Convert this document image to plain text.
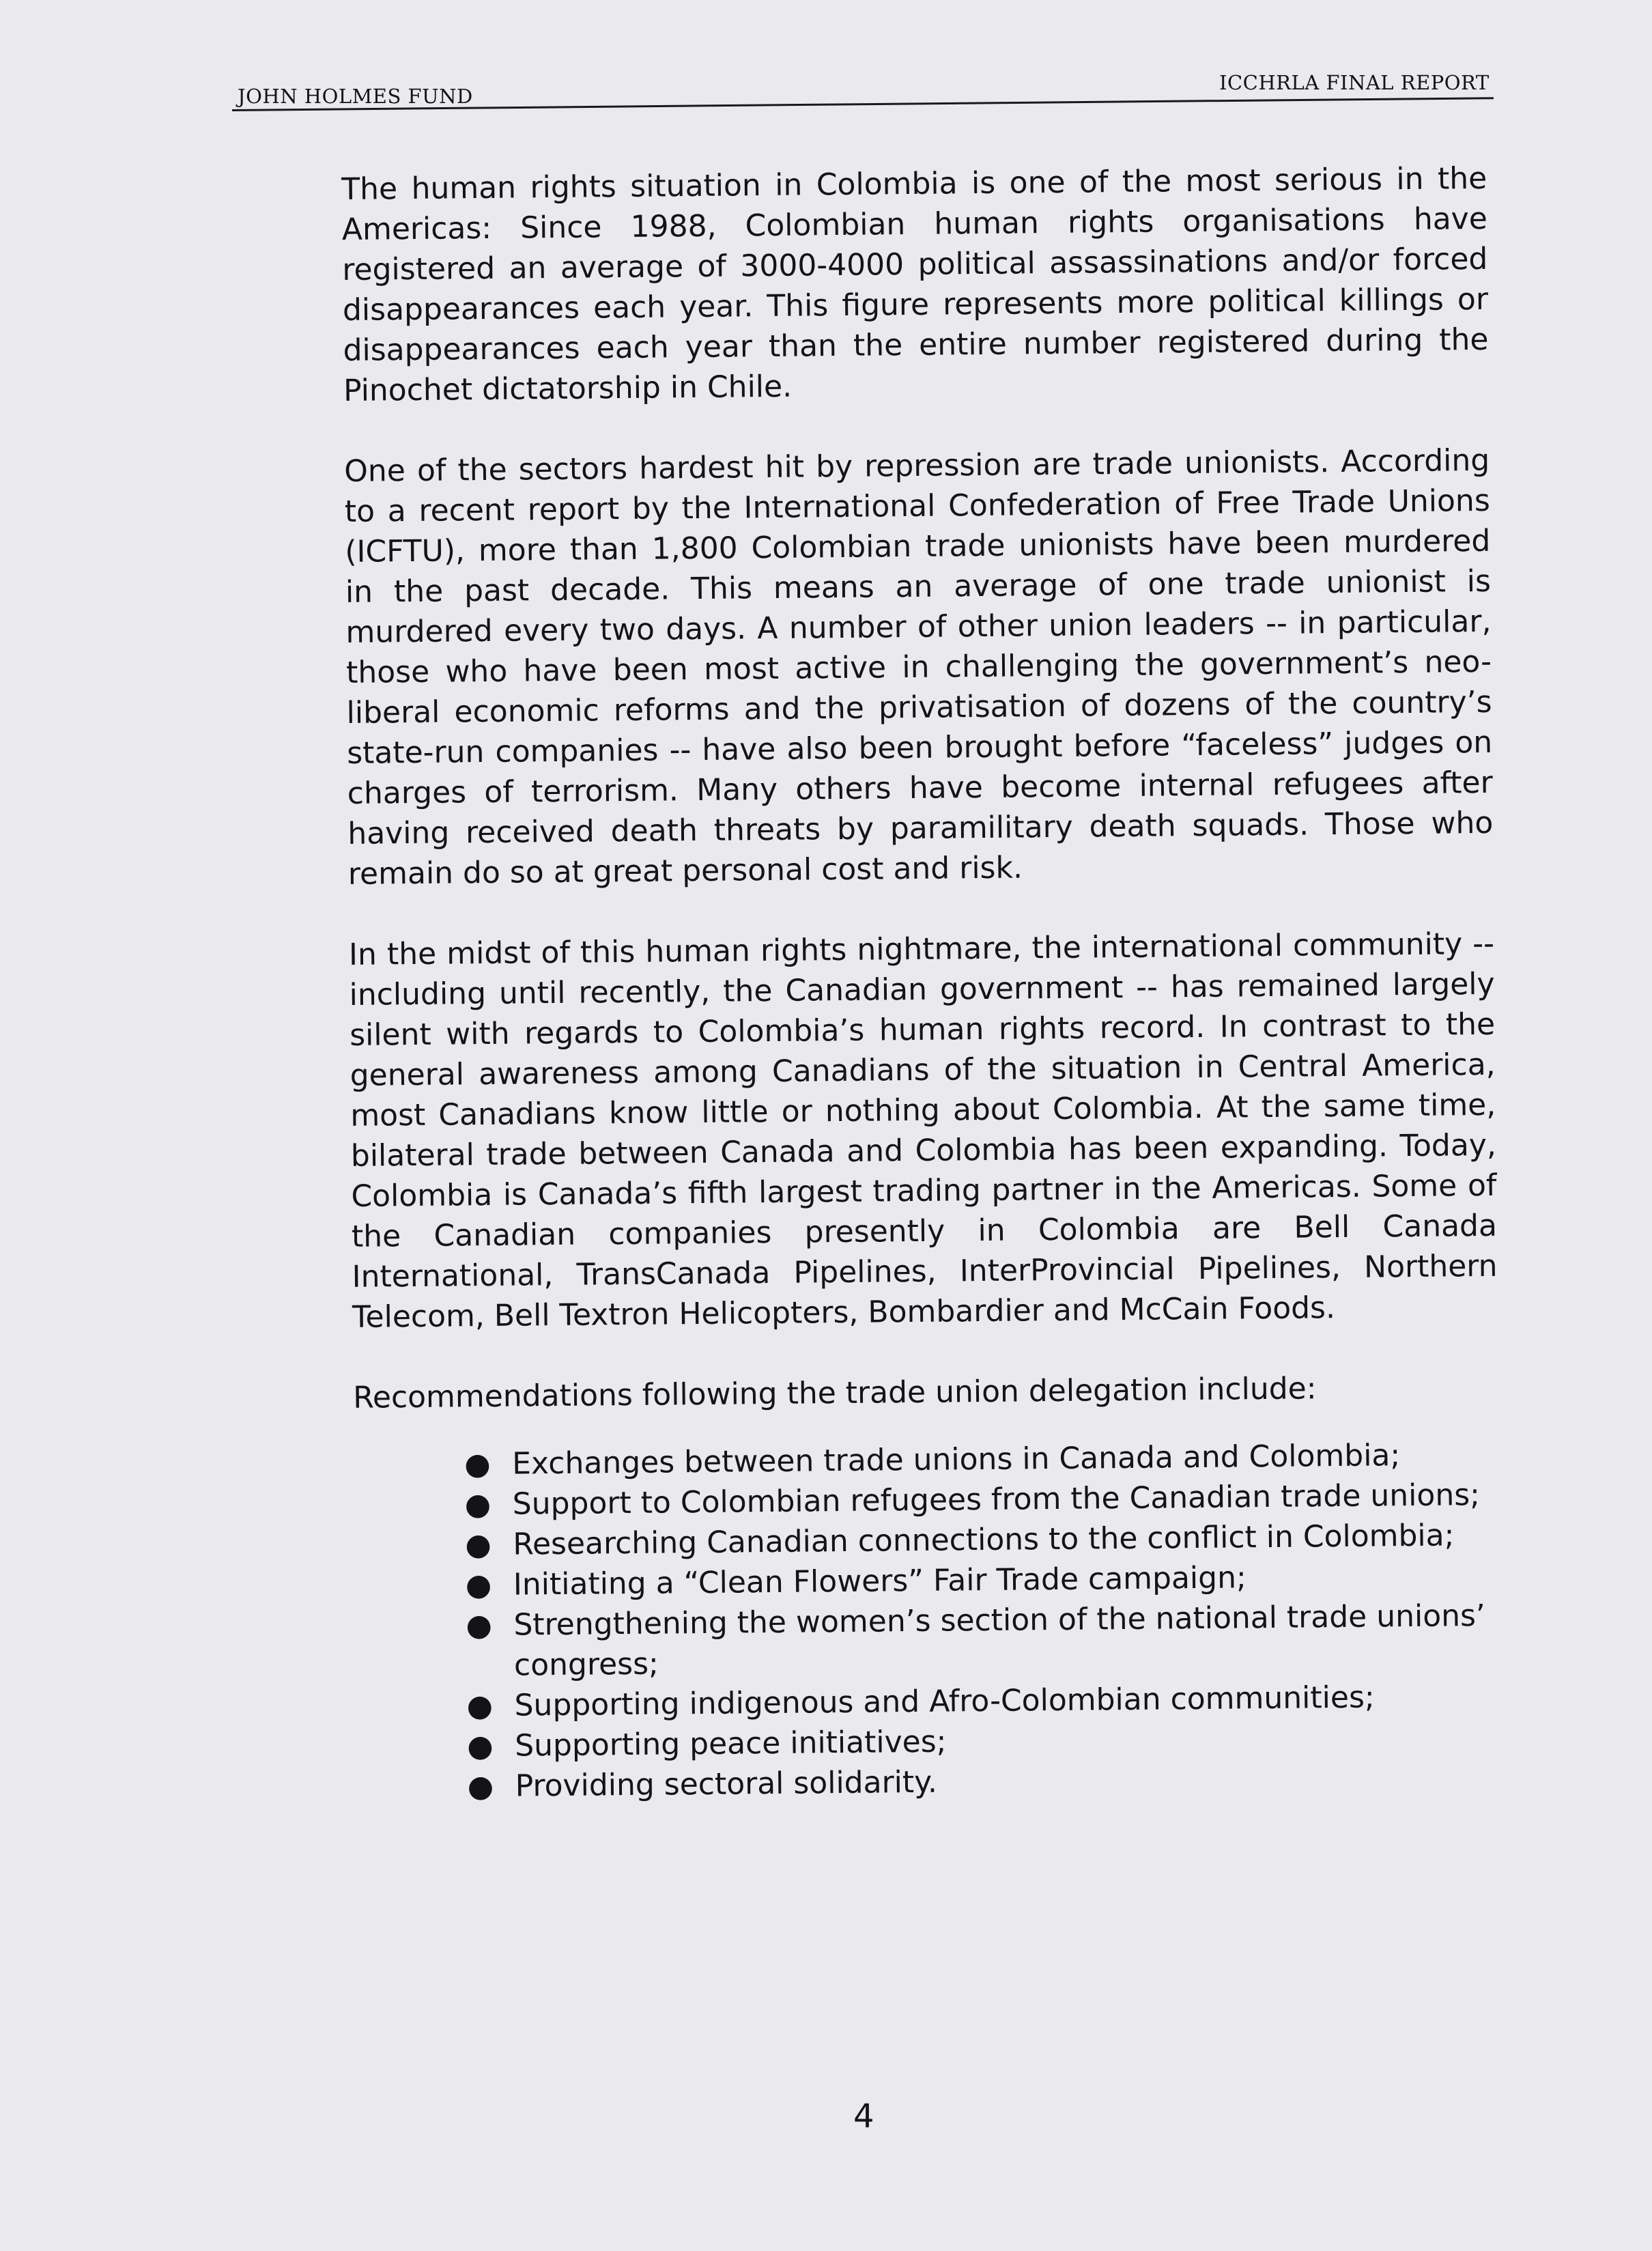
JOHN HOLMES FUND
ICCHRLA FINAL REPORT

The human rights situation in Colombia is one of the most serious in the Americas: Since 1988, Colombian human rights organisations have registered an average of 3000-4000 political assassinations and/or forced disappearances each year. This figure represents more political killings or disappearances each year than the entire number registered during the Pinochet dictatorship in Chile.

One of the sectors hardest hit by repression are trade unionists. According to a recent report by the International Confederation of Free Trade Unions (ICFTU), more than 1,800 Colombian trade unionists have been murdered in the past decade. This means an average of one trade unionist is murdered every two days. A number of other union leaders -- in particular, those who have been most active in challenging the government’s neo-liberal economic reforms and the privatisation of dozens of the country’s state-run companies -- have also been brought before “faceless” judges on charges of terrorism. Many others have become internal refugees after having received death threats by paramilitary death squads. Those who remain do so at great personal cost and risk.

In the midst of this human rights nightmare, the international community -- including until recently, the Canadian government -- has remained largely silent with regards to Colombia’s human rights record. In contrast to the general awareness among Canadians of the situation in Central America, most Canadians know little or nothing about Colombia. At the same time, bilateral trade between Canada and Colombia has been expanding. Today, Colombia is Canada’s fifth largest trading partner in the Americas. Some of the Canadian companies presently in Colombia are Bell Canada International, TransCanada Pipelines, InterProvincial Pipelines, Northern Telecom, Bell Textron Helicopters, Bombardier and McCain Foods.

Recommendations following the trade union delegation include:

● Exchanges between trade unions in Canada and Colombia;
● Support to Colombian refugees from the Canadian trade unions;
● Researching Canadian connections to the conflict in Colombia;
● Initiating a “Clean Flowers” Fair Trade campaign;
● Strengthening the women’s section of the national trade unions’ congress;
● Supporting indigenous and Afro-Colombian communities;
● Supporting peace initiatives;
● Providing sectoral solidarity.
4
